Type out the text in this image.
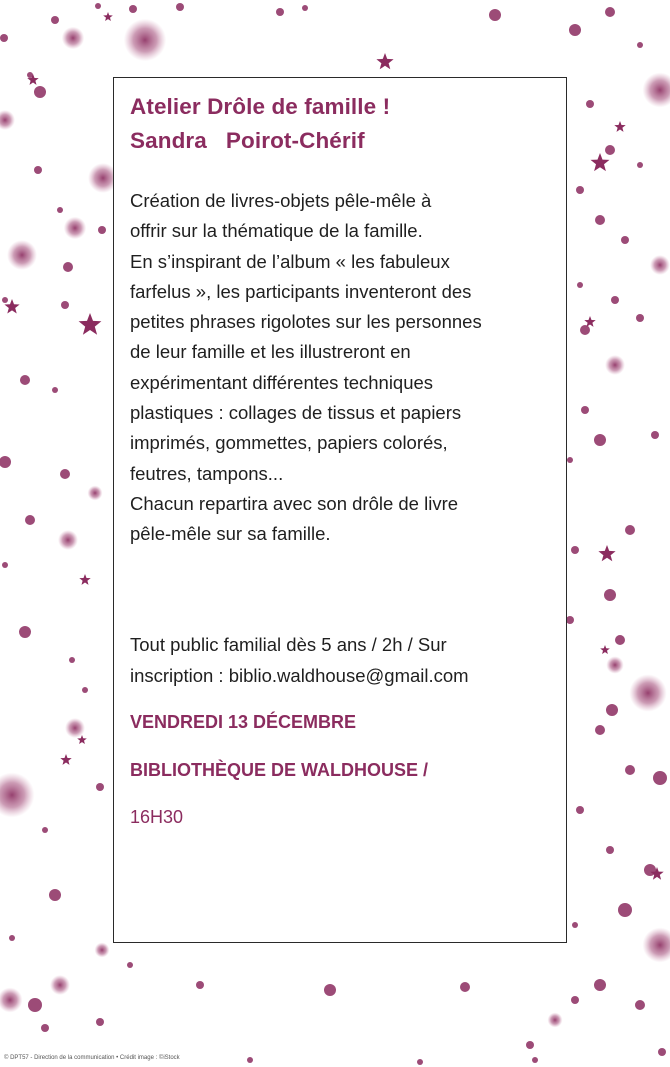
Atelier Drôle de famille !
Sandra   Poirot-Chérif
Création de livres-objets pêle-mêle à
offrir sur la thématique de la famille.
En s’inspirant de l’album « les fabuleux
farfelus », les participants inventeront des
petites phrases rigolotes sur les personnes
de leur famille et les illustreront en
expérimentant différentes techniques
plastiques : collages de tissus et papiers
imprimés, gommettes, papiers colorés,
feutres, tampons...
Chacun repartira avec son drôle de livre
pêle-mêle sur sa famille.
Tout public familial dès 5 ans / 2h / Sur
inscription : biblio.waldhouse@gmail.com
VENDREDI 13 DÉCEMBRE
BIBLIOTHÈQUE DE WALDHOUSE /
16H30
© DPT57 - Direction de la communication • Crédit image : ©iStock
